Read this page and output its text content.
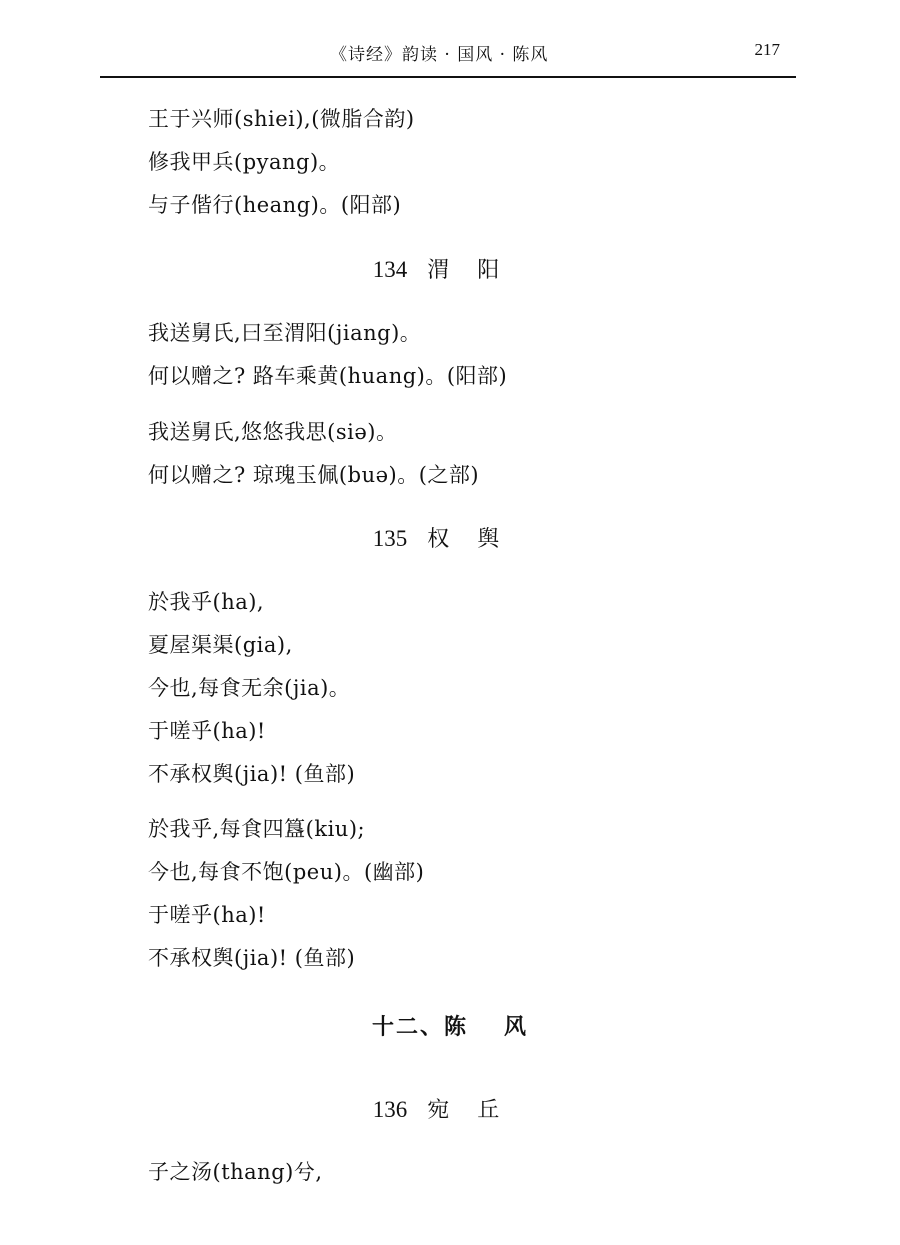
《诗经》韵读 · 国风 · 陈风	217
王于兴师(shiei),(微脂合韵)
修我甲兵(pyang)。
与子偕行(heang)。(阳部)
134 渭阳
我送舅氏,曰至渭阳(jiang)。
何以赠之? 路车乘黄(huang)。(阳部)
我送舅氏,悠悠我思(siə)。
何以赠之? 琼瑰玉佩(buə)。(之部)
135 权舆
於我乎(ha),
夏屋渠渠(gia),
今也,每食无余(jia)。
于嗟乎(ha)!
不承权舆(jia)! (鱼部)
於我乎,每食四簋(kiu);
今也,每食不饱(peu)。(幽部)
于嗟乎(ha)!
不承权舆(jia)! (鱼部)
十二、陈 风
136 宛丘
子之汤(thang)兮,
